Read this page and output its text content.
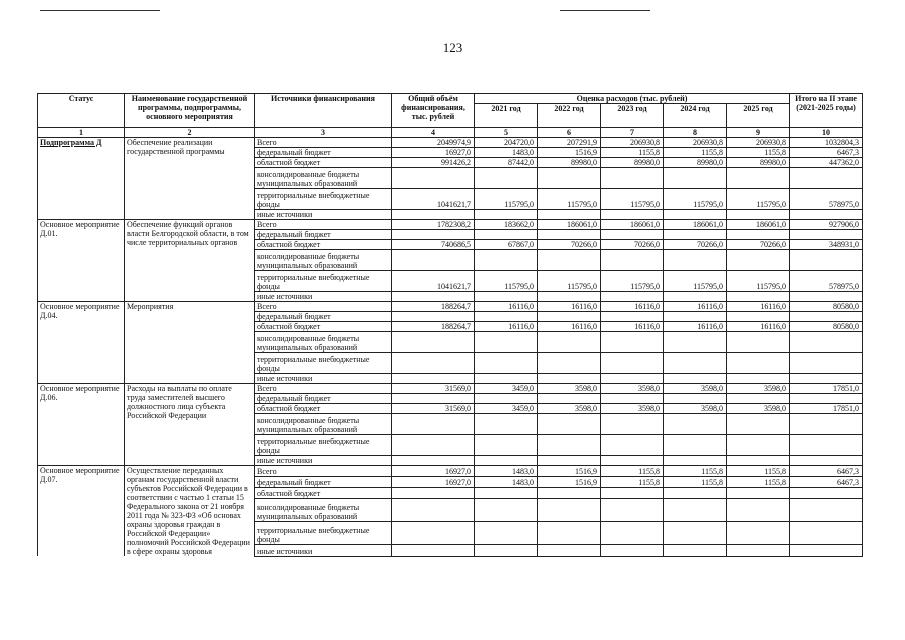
123
Статус	Наименование государственной программы, подпрограммы, основного мероприятия	Источники финансирования	Общий объём финансирования, тыс. рублей	Оценка расходов (тыс. рублей)					Итого на II этапе (2021-2025 годы)
				2021 год	2022 год	2023 год	2024 год	2025 год	
1	2	3	4	5	6	7	8	9	10
Подпрограмма Д	Обеспечение реализации государственной программы	Всего	2049974,9	204720,0	207291,9	206930,8	206930,8	206930,8	1032804,3
		федеральный бюджет	16927,0	1483,0	1516,9	1155,8	1155,8	1155,8	6467,3
		областной бюджет	991426,2	87442,0	89980,0	89980,0	89980,0	89980,0	447362,0
		консолидированные бюджеты муниципальных образований							
		территориальные внебюджетные фонды	1041621,7	115795,0	115795,0	115795,0	115795,0	115795,0	578975,0
		иные источники							
Основное мероприятие Д.01.	Обеспечение функций органов власти Белгородской области, в том числе территориальных органов	Всего	1782308,2	183662,0	186061,0	186061,0	186061,0	186061,0	927906,0
		федеральный бюджет							
		областной бюджет	740686,5	67867,0	70266,0	70266,0	70266,0	70266,0	348931,0
		консолидированные бюджеты муниципальных образований							
		территориальные внебюджетные фонды	1041621,7	115795,0	115795,0	115795,0	115795,0	115795,0	578975,0
		иные источники							
Основное мероприятие Д.04.	Мероприятия	Всего	188264,7	16116,0	16116,0	16116,0	16116,0	16116,0	80580,0
		федеральный бюджет							
		областной бюджет	188264,7	16116,0	16116,0	16116,0	16116,0	16116,0	80580,0
		консолидированные бюджеты муниципальных образований							
		территориальные внебюджетные фонды							
		иные источники							
Основное мероприятие Д.06.	Расходы на выплаты по оплате труда заместителей высшего должностного лица субъекта Российской Федерации	Всего	31569,0	3459,0	3598,0	3598,0	3598,0	3598,0	17851,0
		федеральный бюджет							
		областной бюджет	31569,0	3459,0	3598,0	3598,0	3598,0	3598,0	17851,0
		консолидированные бюджеты муниципальных образований							
		территориальные внебюджетные фонды							
		иные источники							
Основное мероприятие Д.07.	Осуществление переданных органам государственной власти субъектов Российской Федерации в соответствии с частью 1 статьи 15 Федерального закона от 21 ноября 2011 года № 323-ФЗ «Об основах охраны здоровья граждан в Российской Федерации» полномочий Российской Федерации в сфере охраны здоровья	Всего	16927,0	1483,0	1516,9	1155,8	1155,8	1155,8	6467,3
		федеральный бюджет	16927,0	1483,0	1516,9	1155,8	1155,8	1155,8	6467,3
		областной бюджет							
		консолидированные бюджеты муниципальных образований							
		территориальные внебюджетные фонды							
		иные источники							
